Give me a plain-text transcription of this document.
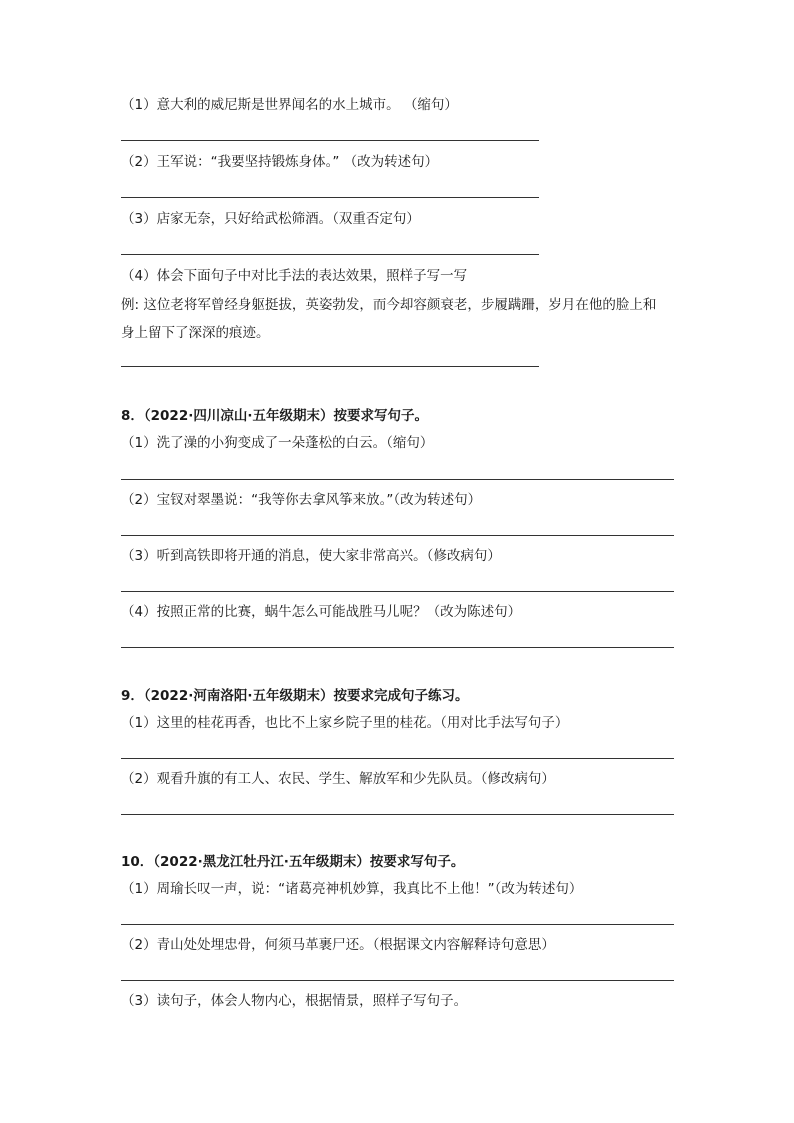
（1）意大利的威尼斯是世界闻名的水上城市。 （缩句）
（2）王军说：“我要坚持锻炼身体。” （改为转述句）
（3）店家无奈，只好给武松筛酒。（双重否定句）
（4）体会下面句子中对比手法的表达效果，照样子写一写
例: 这位老将军曾经身躯挺拔，英姿勃发，而今却容颜衰老，步履蹒跚，岁月在他的脸上和
身上留下了深深的痕迹。
8．（2022·四川凉山·五年级期末）按要求写句子。
（1）洗了澡的小狗变成了一朵蓬松的白云。（缩句）
（2）宝钗对翠墨说：“我等你去拿风筝来放。”（改为转述句）
（3）听到高铁即将开通的消息，使大家非常高兴。（修改病句）
（4）按照正常的比赛，蜗牛怎么可能战胜马儿呢？（改为陈述句）
9．（2022·河南洛阳·五年级期末）按要求完成句子练习。
（1）这里的桂花再香，也比不上家乡院子里的桂花。（用对比手法写句子）
（2）观看升旗的有工人、农民、学生、解放军和少先队员。（修改病句）
10．（2022·黑龙江牡丹江·五年级期末）按要求写句子。
（1）周瑜长叹一声，说：“诸葛亮神机妙算，我真比不上他！”（改为转述句）
（2）青山处处埋忠骨，何须马革裹尸还。（根据课文内容解释诗句意思）
（3）读句子，体会人物内心，根据情景，照样子写句子。
